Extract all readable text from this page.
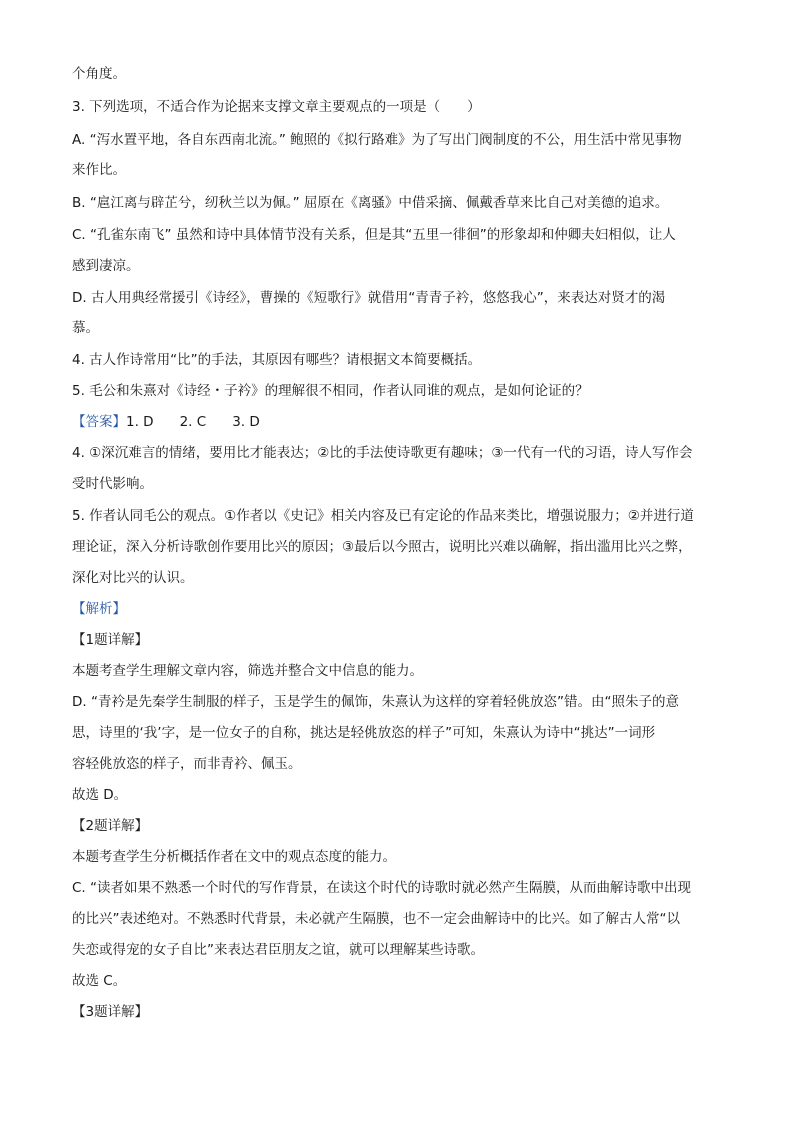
个角度。
3. 下列选项，不适合作为论据来支撑文章主要观点的一项是（　　）
A. “泻水置平地，各自东西南北流。” 鲍照的《拟行路难》为了写出门阀制度的不公，用生活中常见事物
来作比。
B. “扈江离与辟芷兮，纫秋兰以为佩。” 屈原在《离骚》中借采摘、佩戴香草来比自己对美德的追求。
C. “孔雀东南飞” 虽然和诗中具体情节没有关系，但是其“五里一徘徊”的形象却和仲卿夫妇相似，让人
感到凄凉。
D. 古人用典经常援引《诗经》，曹操的《短歌行》就借用“青青子衿，悠悠我心”，来表达对贤才的渴
慕。
4. 古人作诗常用“比”的手法，其原因有哪些？请根据文本简要概括。
5. 毛公和朱熹对《诗经・子衿》的理解很不相同，作者认同谁的观点，是如何论证的？
【答案】1. D 2. C 3. D
4. ①深沉难言的情绪，要用比才能表达；②比的手法使诗歌更有趣味；③一代有一代的习语，诗人写作会
受时代影响。
5. 作者认同毛公的观点。①作者以《史记》相关内容及已有定论的作品来类比，增强说服力；②并进行道
理论证，深入分析诗歌创作要用比兴的原因；③最后以今照古，说明比兴难以确解，指出滥用比兴之弊，
深化对比兴的认识。
【解析】
【1题详解】
本题考查学生理解文章内容，筛选并整合文中信息的能力。
D. “青衿是先秦学生制服的样子，玉是学生的佩饰，朱熹认为这样的穿着轻佻放恣”错。由“照朱子的意
思，诗里的‘我’字，是一位女子的自称，挑达是轻佻放恣的样子”可知，朱熹认为诗中“挑达”一词形
容轻佻放恣的样子，而非青衿、佩玉。
故选 D。
【2题详解】
本题考查学生分析概括作者在文中的观点态度的能力。
C. “读者如果不熟悉一个时代的写作背景，在读这个时代的诗歌时就必然产生隔膜，从而曲解诗歌中出现
的比兴”表述绝对。不熟悉时代背景，未必就产生隔膜，也不一定会曲解诗中的比兴。如了解古人常“以
失恋或得宠的女子自比”来表达君臣朋友之谊，就可以理解某些诗歌。
故选 C。
【3题详解】
